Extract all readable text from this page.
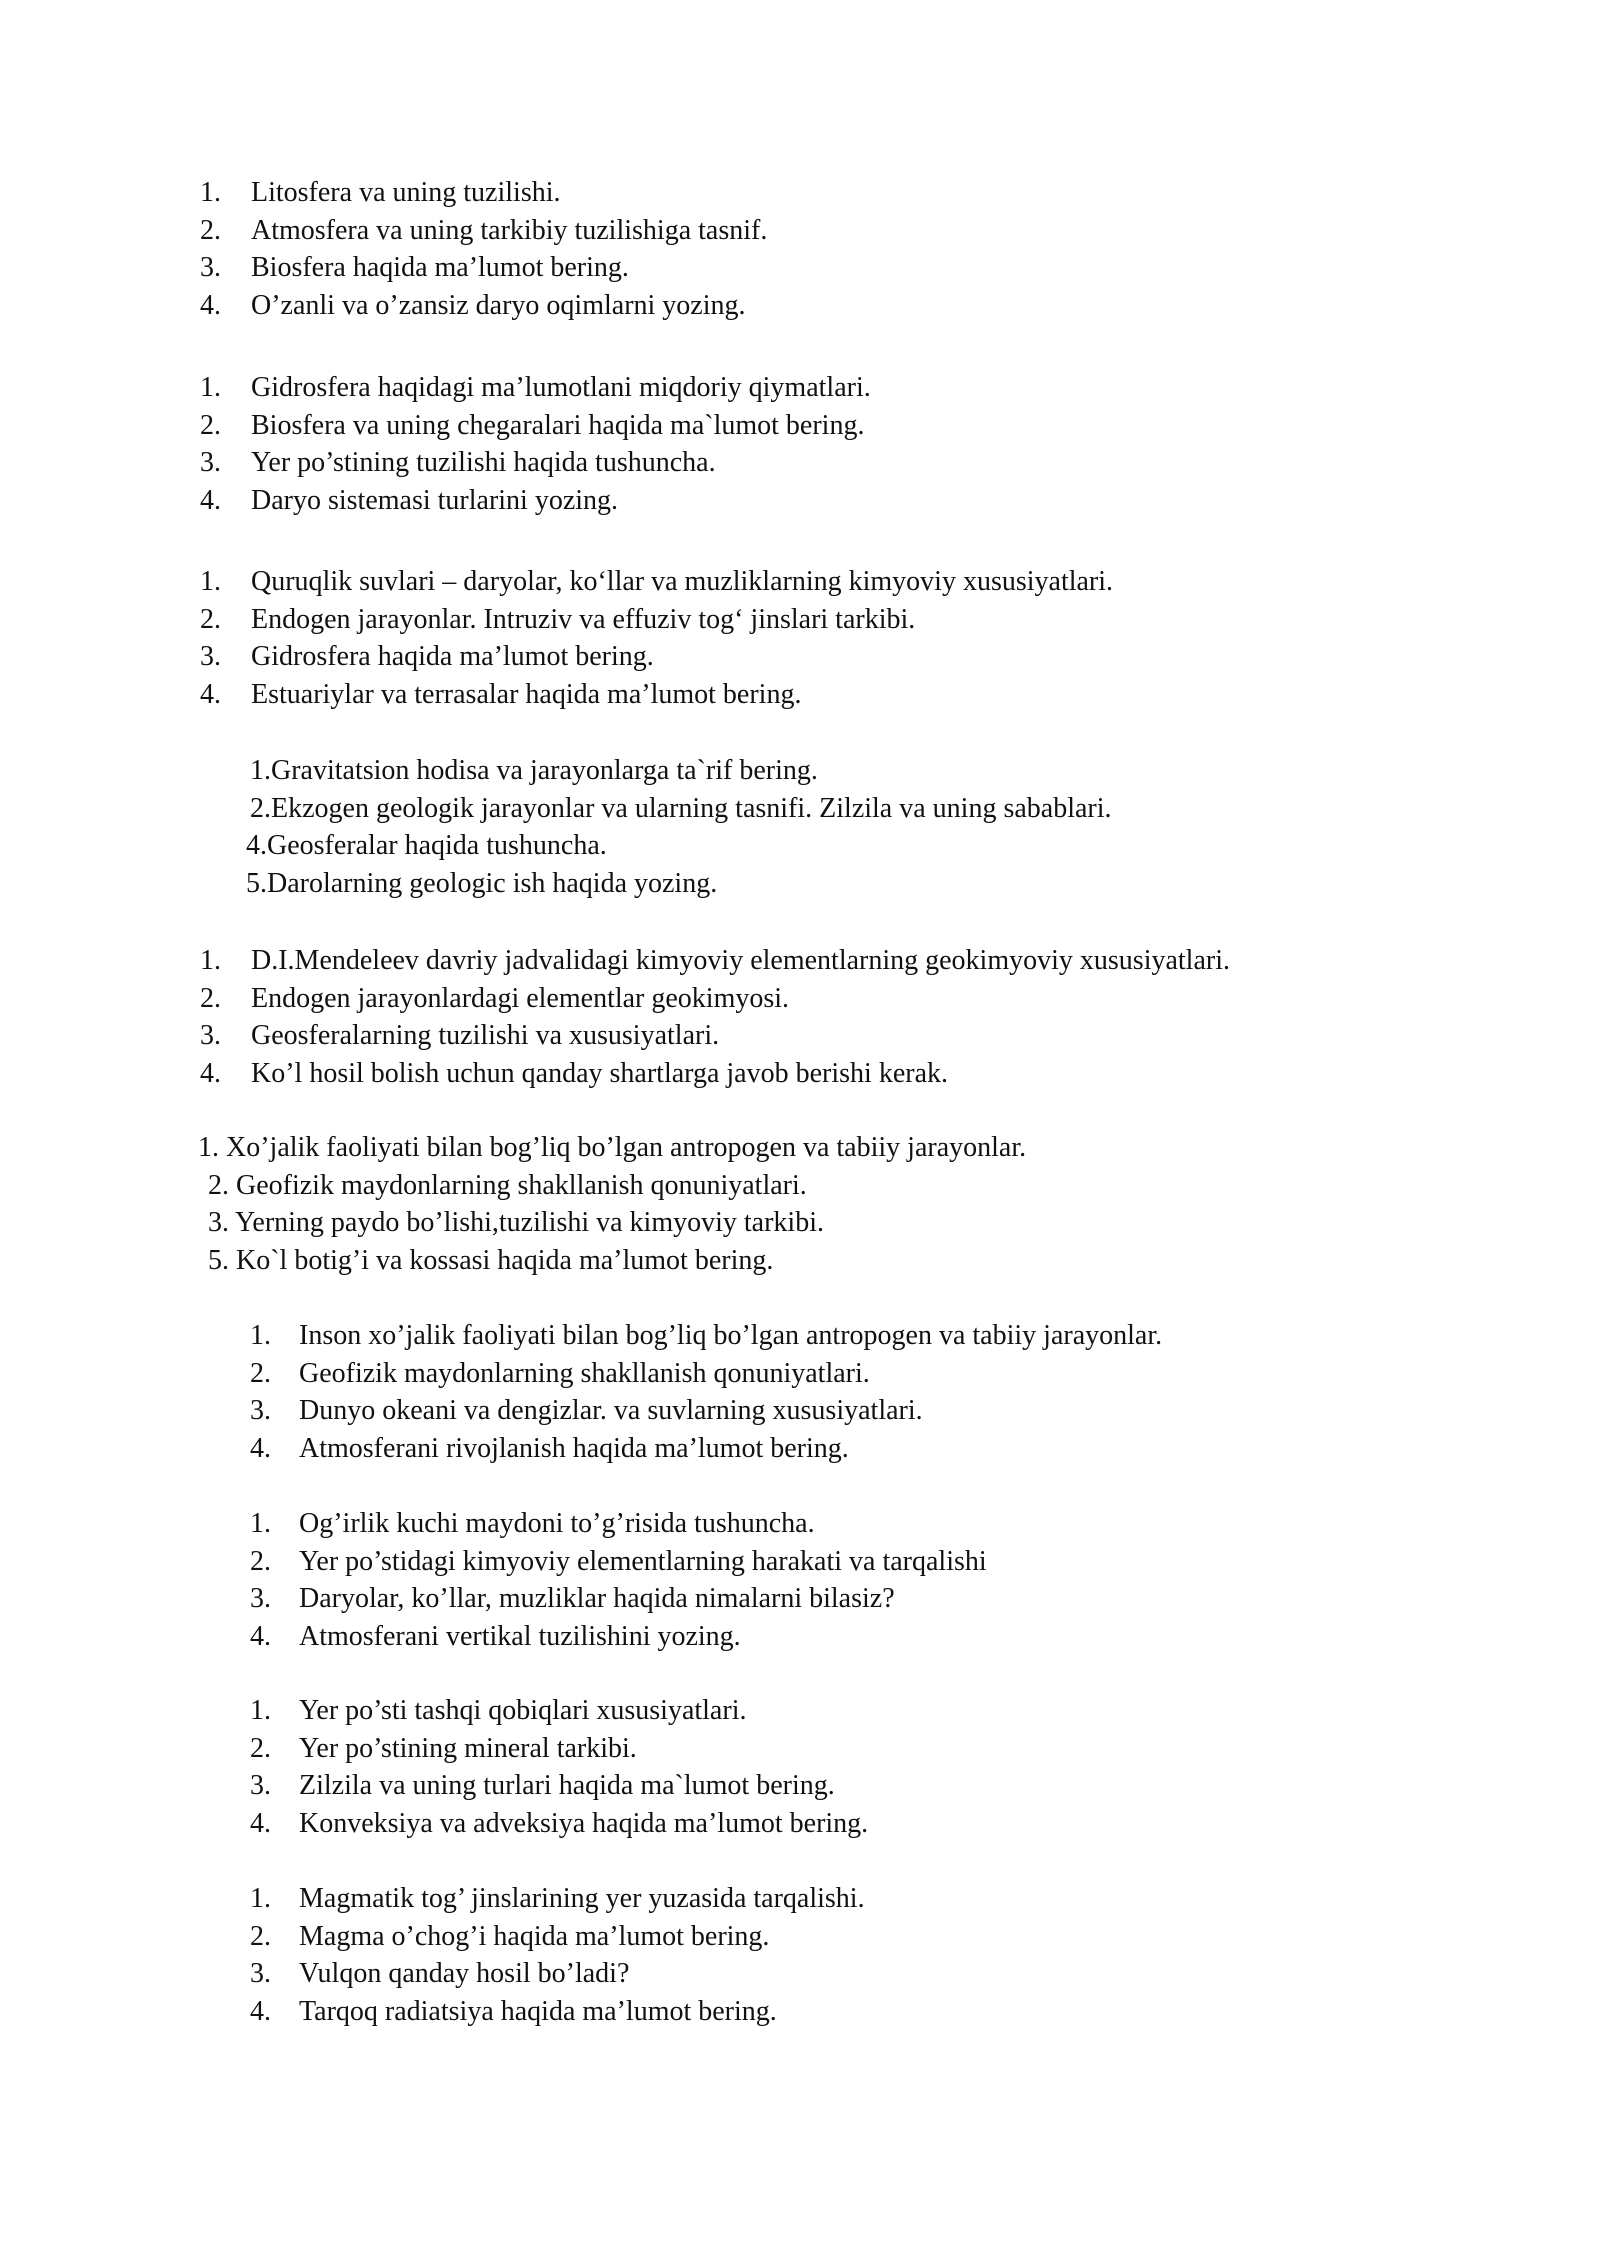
1. Litosfera va uning tuzilishi.
2. Atmosfera va uning tarkibiy tuzilishiga tasnif.
3. Biosfera haqida ma’lumot bering.
4. O’zanli va o’zansiz daryo oqimlarni yozing.
1. Gidrosfera haqidagi ma’lumotlani miqdoriy qiymatlari.
2. Biosfera va uning chegaralari haqida ma`lumot bering.
3. Yer po’stining tuzilishi haqida tushuncha.
4. Daryo sistemasi turlarini yozing.
1. Quruqlik suvlari – daryolar, ko‘llar va muzliklarning kimyoviy xususiyatlari.
2. Endogen jarayonlar. Intruziv va effuziv tog‘ jinslari tarkibi.
3. Gidrosfera haqida ma’lumot bering.
4. Estuariylar va terrasalar haqida ma’lumot bering.
1.Gravitatsion hodisa va jarayonlarga ta`rif bering.
2.Ekzogen geologik jarayonlar va ularning tasnifi. Zilzila va uning sabablari.
4.Geosferalar haqida tushuncha.
5.Darolarning geologic ish haqida yozing.
1. D.I.Mendeleev davriy jadvalidagi kimyoviy elementlarning geokimyoviy xususiyatlari.
2. Endogen jarayonlardagi elementlar geokimyosi.
3. Geosferalarning tuzilishi va xususiyatlari.
4. Ko’l hosil bolish uchun qanday shartlarga javob berishi kerak.
1. Xo’jalik faoliyati bilan bog’liq bo’lgan antropogen va tabiiy jarayonlar.
2. Geofizik maydonlarning shakllanish qonuniyatlari.
3. Yerning paydo bo’lishi,tuzilishi va kimyoviy tarkibi.
5. Ko`l botig’i va kossasi haqida ma’lumot bering.
1. Inson xo’jalik faoliyati bilan bog’liq bo’lgan antropogen va tabiiy jarayonlar.
2. Geofizik maydonlarning shakllanish qonuniyatlari.
3. Dunyo okeani va dengizlar. va suvlarning xususiyatlari.
4. Atmosferani rivojlanish haqida ma’lumot bering.
1. Og’irlik kuchi maydoni to’g’risida tushuncha.
2. Yer po’stidagi kimyoviy elementlarning harakati va tarqalishi
3. Daryolar, ko’llar, muzliklar haqida nimalarni bilasiz?
4. Atmosferani vertikal tuzilishini yozing.
1. Yer po’sti tashqi qobiqlari xususiyatlari.
2. Yer po’stining mineral tarkibi.
3. Zilzila va uning turlari haqida ma`lumot bering.
4. Konveksiya va adveksiya haqida ma’lumot bering.
1. Magmatik tog’ jinslarining yer yuzasida tarqalishi.
2. Magma o’chog’i haqida ma’lumot bering.
3. Vulqon qanday hosil bo’ladi?
4. Tarqoq radiatsiya haqida ma’lumot bering.
